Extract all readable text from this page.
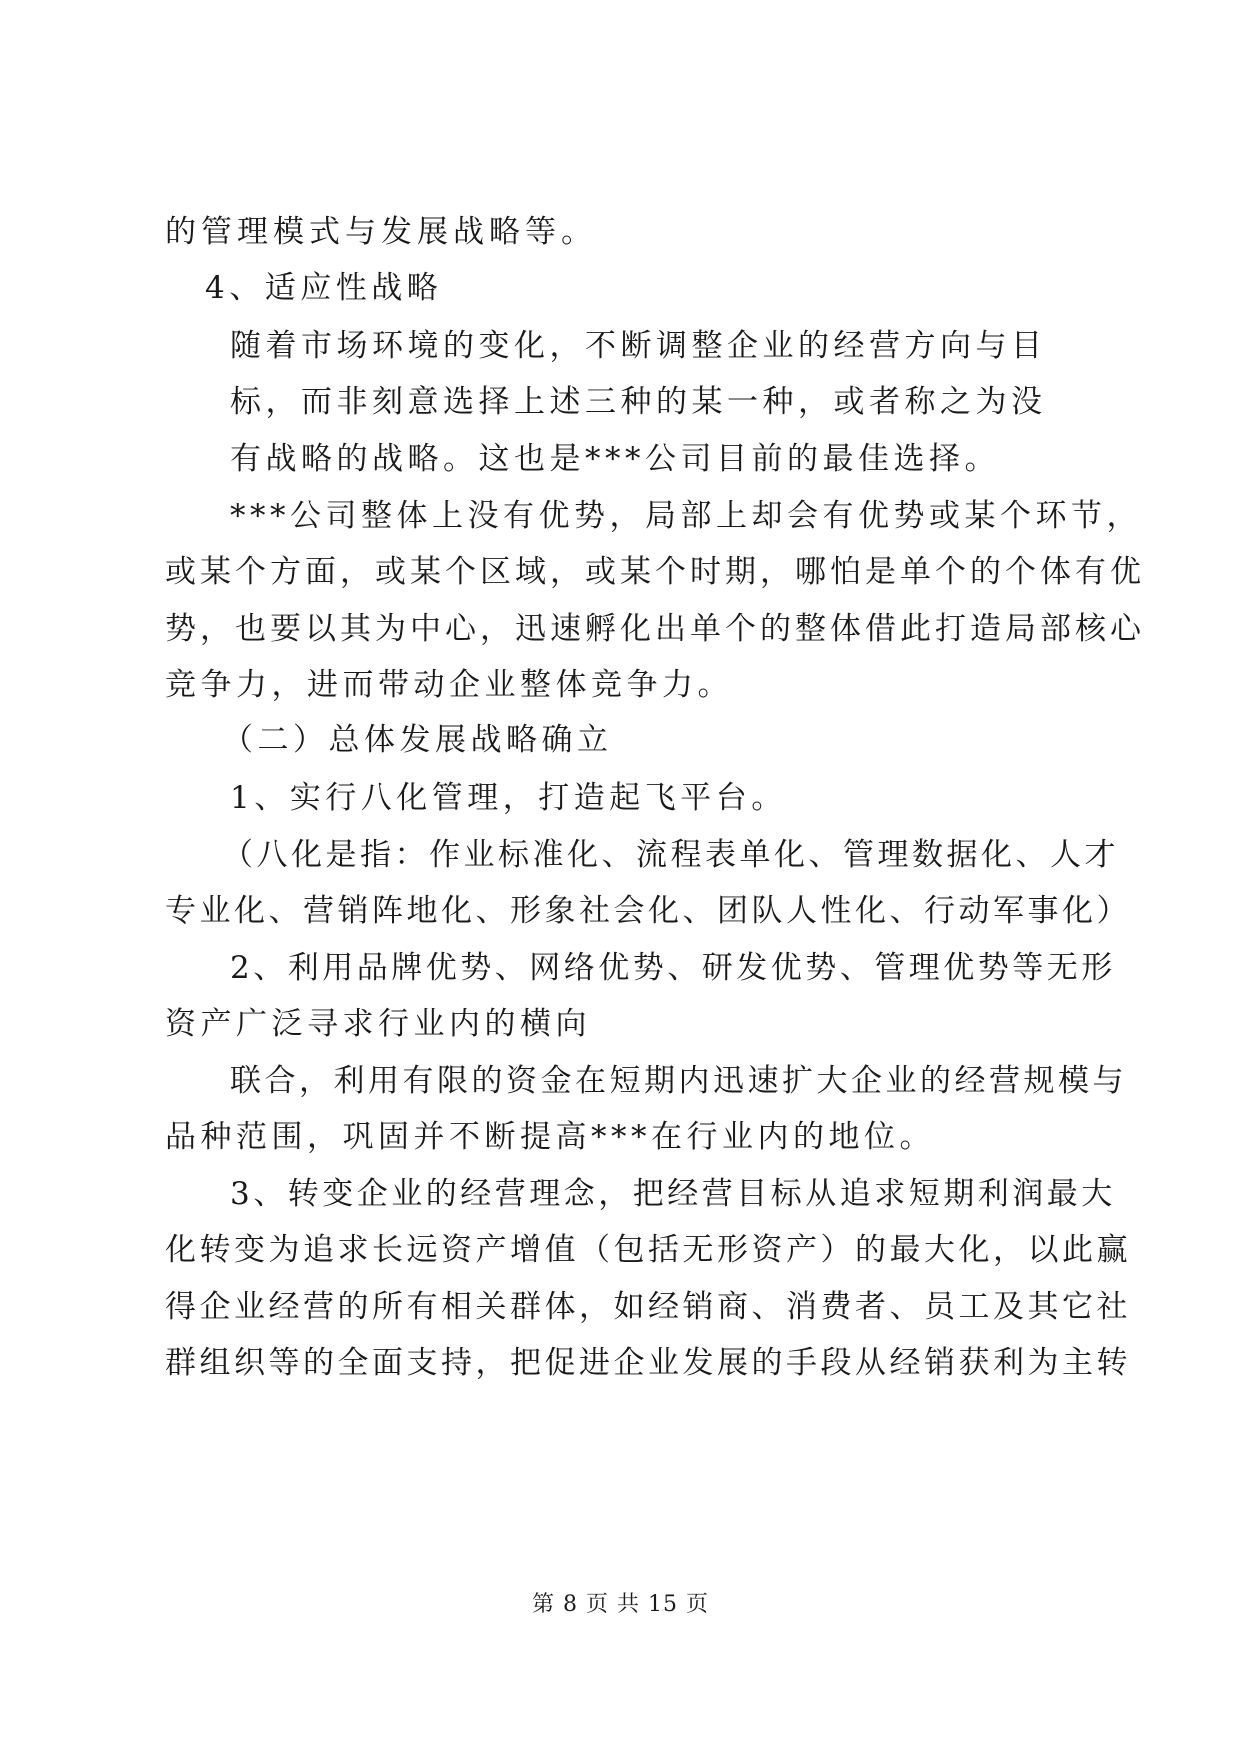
的管理模式与发展战略等。
4、适应性战略
随着市场环境的变化，不断调整企业的经营方向与目
标，而非刻意选择上述三种的某一种，或者称之为没
有战略的战略。这也是***公司目前的最佳选择。
***公司整体上没有优势，局部上却会有优势或某个环节，
或某个方面，或某个区域，或某个时期，哪怕是单个的个体有优
势，也要以其为中心，迅速孵化出单个的整体借此打造局部核心
竞争力，进而带动企业整体竞争力。
（二）总体发展战略确立
1、实行八化管理，打造起飞平台。
（八化是指：作业标准化、流程表单化、管理数据化、人才
专业化、营销阵地化、形象社会化、团队人性化、行动军事化）
2、利用品牌优势、网络优势、研发优势、管理优势等无形
资产广泛寻求行业内的横向
联合，利用有限的资金在短期内迅速扩大企业的经营规模与
品种范围，巩固并不断提高***在行业内的地位。
3、转变企业的经营理念，把经营目标从追求短期利润最大
化转变为追求长远资产增值（包括无形资产）的最大化，以此赢
得企业经营的所有相关群体，如经销商、消费者、员工及其它社
群组织等的全面支持，把促进企业发展的手段从经销获利为主转
第 8 页 共 15 页
